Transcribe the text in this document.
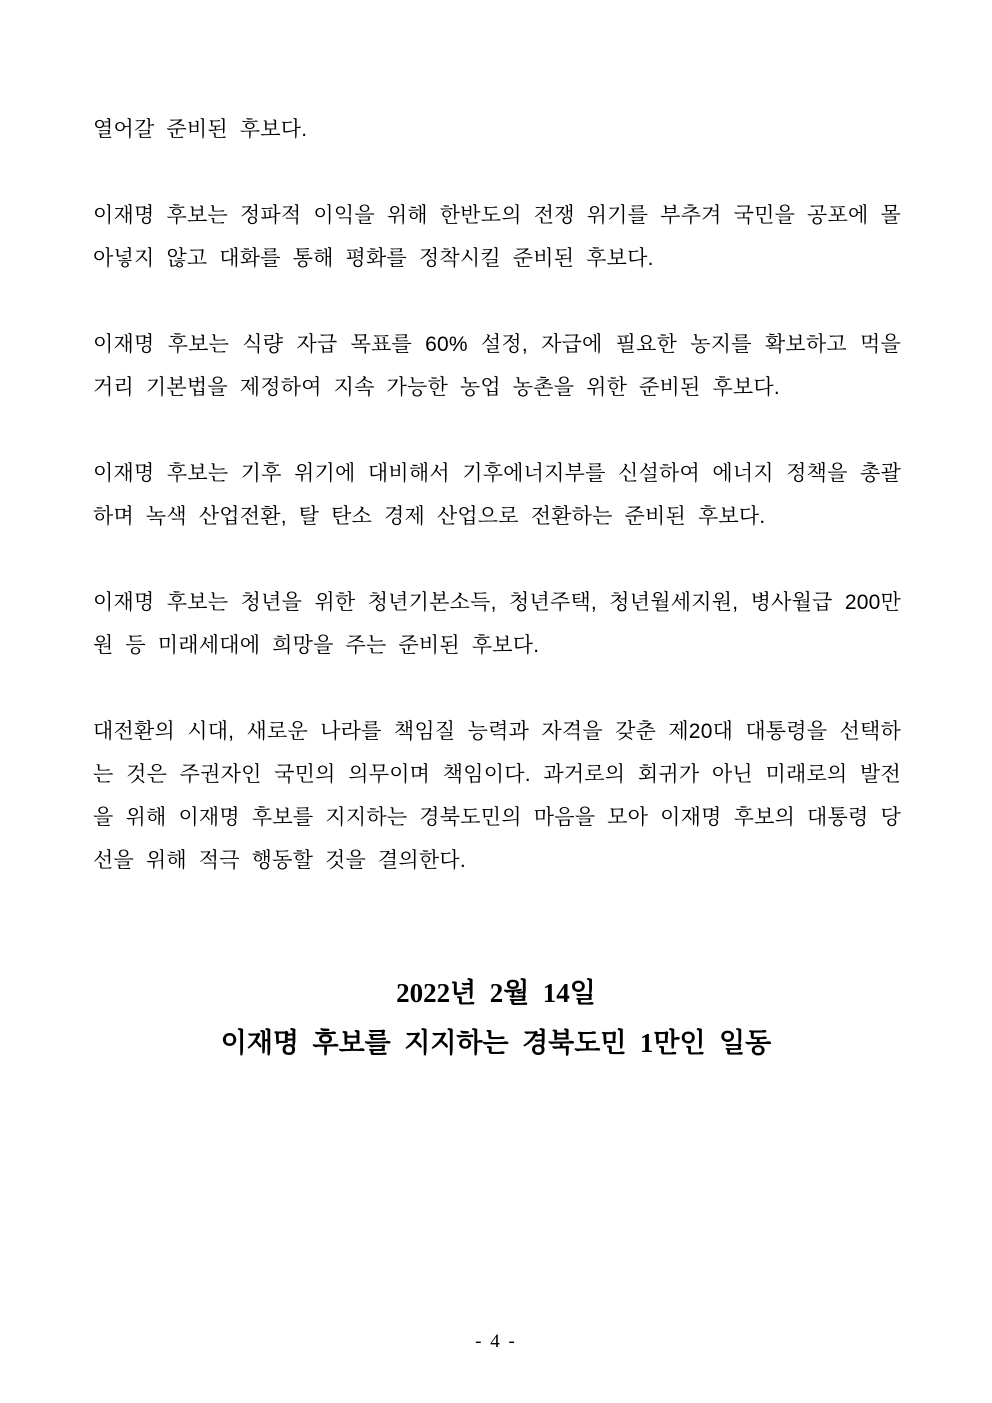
열어갈 준비된 후보다.

이재명 후보는 정파적 이익을 위해 한반도의 전쟁 위기를 부추겨 국민을 공포에 몰아넣지 않고 대화를 통해 평화를 정착시킬 준비된 후보다.

이재명 후보는 식량 자급 목표를 60% 설정, 자급에 필요한 농지를 확보하고 먹을거리 기본법을 제정하여 지속 가능한 농업 농촌을 위한 준비된 후보다.

이재명 후보는 기후 위기에 대비해서 기후에너지부를 신설하여 에너지 정책을 총괄하며 녹색 산업전환, 탈 탄소 경제 산업으로 전환하는 준비된 후보다.

이재명 후보는 청년을 위한 청년기본소득, 청년주택, 청년월세지원, 병사월급 200만원 등 미래세대에 희망을 주는 준비된 후보다.

대전환의 시대, 새로운 나라를 책임질 능력과 자격을 갖춘 제20대 대통령을 선택하는 것은 주권자인 국민의 의무이며 책임이다. 과거로의 회귀가 아닌 미래로의 발전을 위해 이재명 후보를 지지하는 경북도민의 마음을 모아 이재명 후보의 대통령 당선을 위해 적극 행동할 것을 결의한다.

2022년 2월 14일
이재명 후보를 지지하는 경북도민 1만인 일동
- 4 -
